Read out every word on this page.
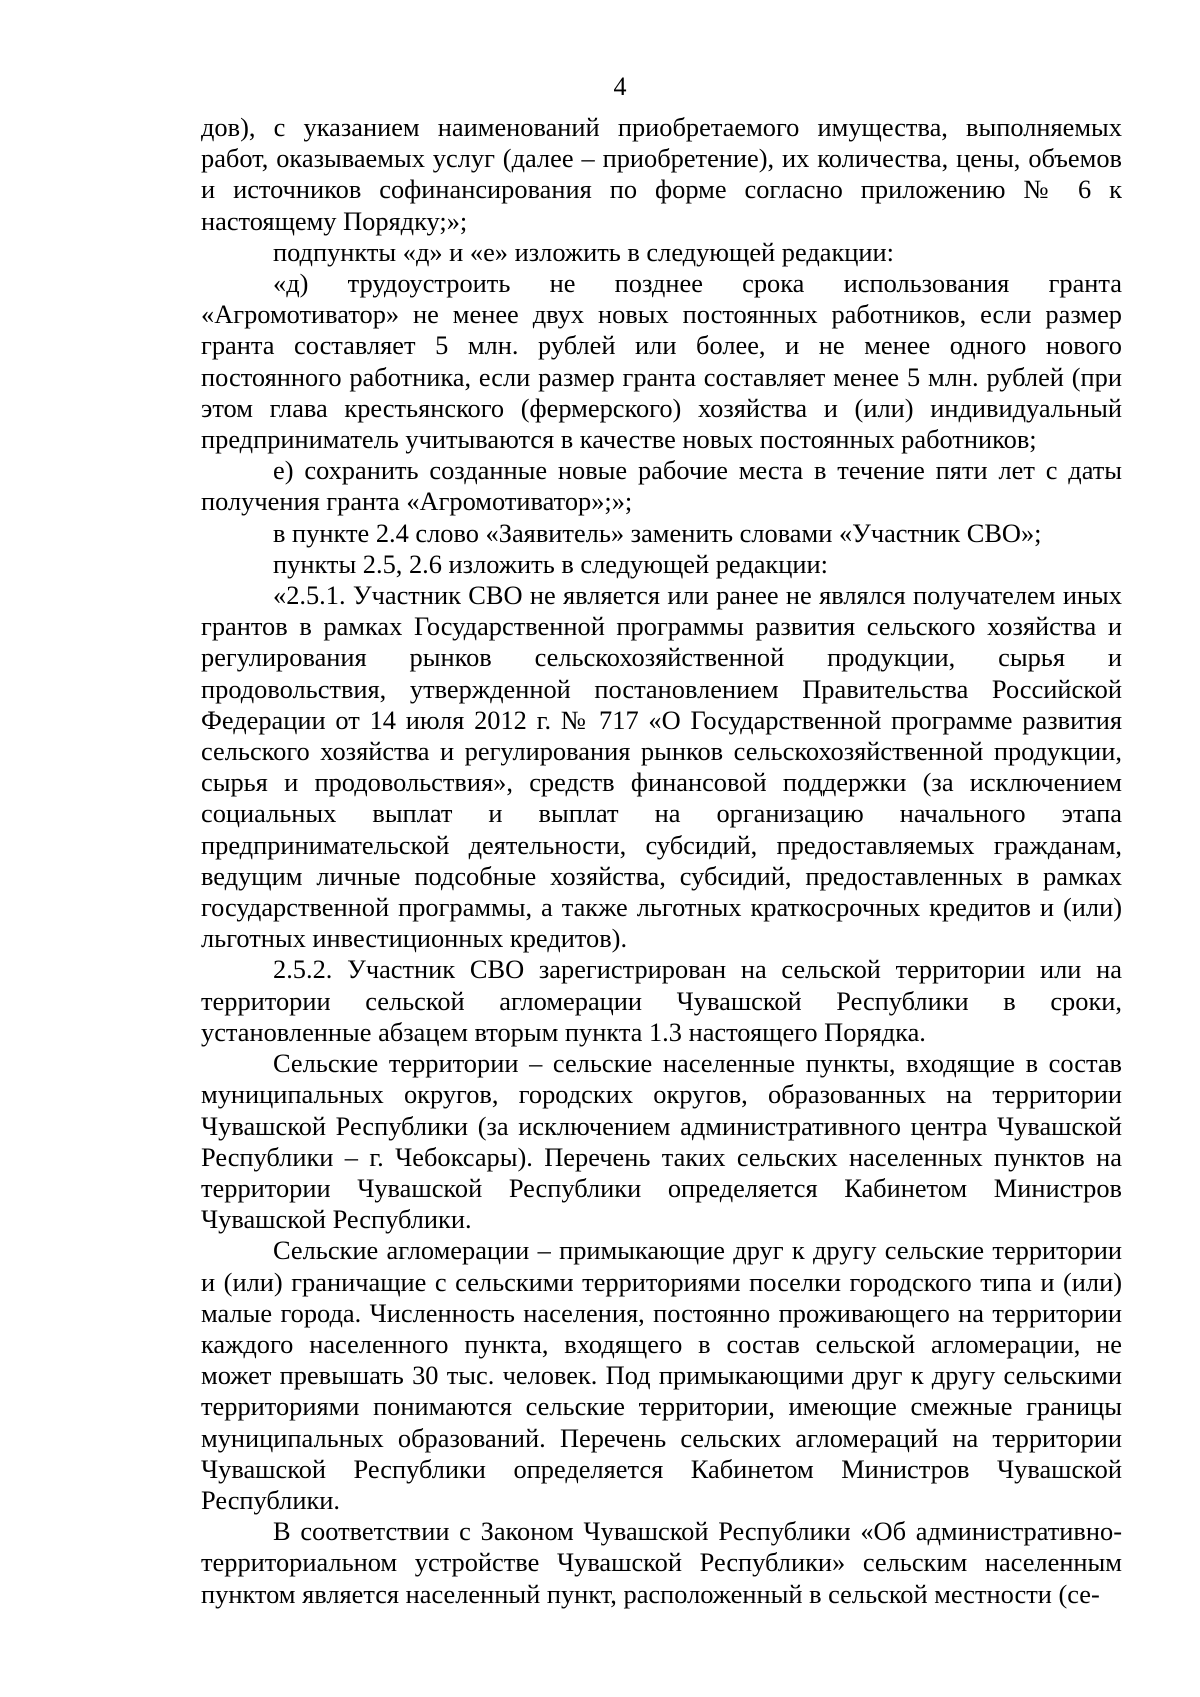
4

дов), с указанием наименований приобретаемого имущества, выполняемых работ, оказываемых услуг (далее – приобретение), их количества, цены, объемов и источников софинансирования по форме согласно приложению № 6 к настоящему Порядку;»;

подпункты «д» и «е» изложить в следующей редакции:

«д) трудоустроить не позднее срока использования гранта «Агромотиватор» не менее двух новых постоянных работников, если размер гранта составляет 5 млн. рублей или более, и не менее одного нового постоянного работника, если размер гранта составляет менее 5 млн. рублей (при этом глава крестьянского (фермерского) хозяйства и (или) индивидуальный предприниматель учитываются в качестве новых постоянных работников;

е) сохранить созданные новые рабочие места в течение пяти лет с даты получения гранта «Агромотиватор»;»;

в пункте 2.4 слово «Заявитель» заменить словами «Участник СВО»;

пункты 2.5, 2.6 изложить в следующей редакции:

«2.5.1. Участник СВО не является или ранее не являлся получателем иных грантов в рамках Государственной программы развития сельского хозяйства и регулирования рынков сельскохозяйственной продукции, сырья и продовольствия, утвержденной постановлением Правительства Российской Федерации от 14 июля 2012 г. № 717 «О Государственной программе развития сельского хозяйства и регулирования рынков сельскохозяйственной продукции, сырья и продовольствия», средств финансовой поддержки (за исключением социальных выплат и выплат на организацию начального этапа предпринимательской деятельности, субсидий, предоставляемых гражданам, ведущим личные подсобные хозяйства, субсидий, предоставленных в рамках государственной программы, а также льготных краткосрочных кредитов и (или) льготных инвестиционных кредитов).

2.5.2. Участник СВО зарегистрирован на сельской территории или на территории сельской агломерации Чувашской Республики в сроки, установленные абзацем вторым пункта 1.3 настоящего Порядка.

Сельские территории – сельские населенные пункты, входящие в состав муниципальных округов, городских округов, образованных на территории Чувашской Республики (за исключением административного центра Чувашской Республики – г. Чебоксары). Перечень таких сельских населенных пунктов на территории Чувашской Республики определяется Кабинетом Министров Чувашской Республики.

Сельские агломерации – примыкающие друг к другу сельские территории и (или) граничащие с сельскими территориями поселки городского типа и (или) малые города. Численность населения, постоянно проживающего на территории каждого населенного пункта, входящего в состав сельской агломерации, не может превышать 30 тыс. человек. Под примыкающими друг к другу сельскими территориями понимаются сельские территории, имеющие смежные границы муниципальных образований. Перечень сельских агломераций на территории Чувашской Республики определяется Кабинетом Министров Чувашской Республики.

В соответствии с Законом Чувашской Республики «Об административно-территориальном устройстве Чувашской Республики» сельским населенным пунктом является населенный пункт, расположенный в сельской местности (се-
